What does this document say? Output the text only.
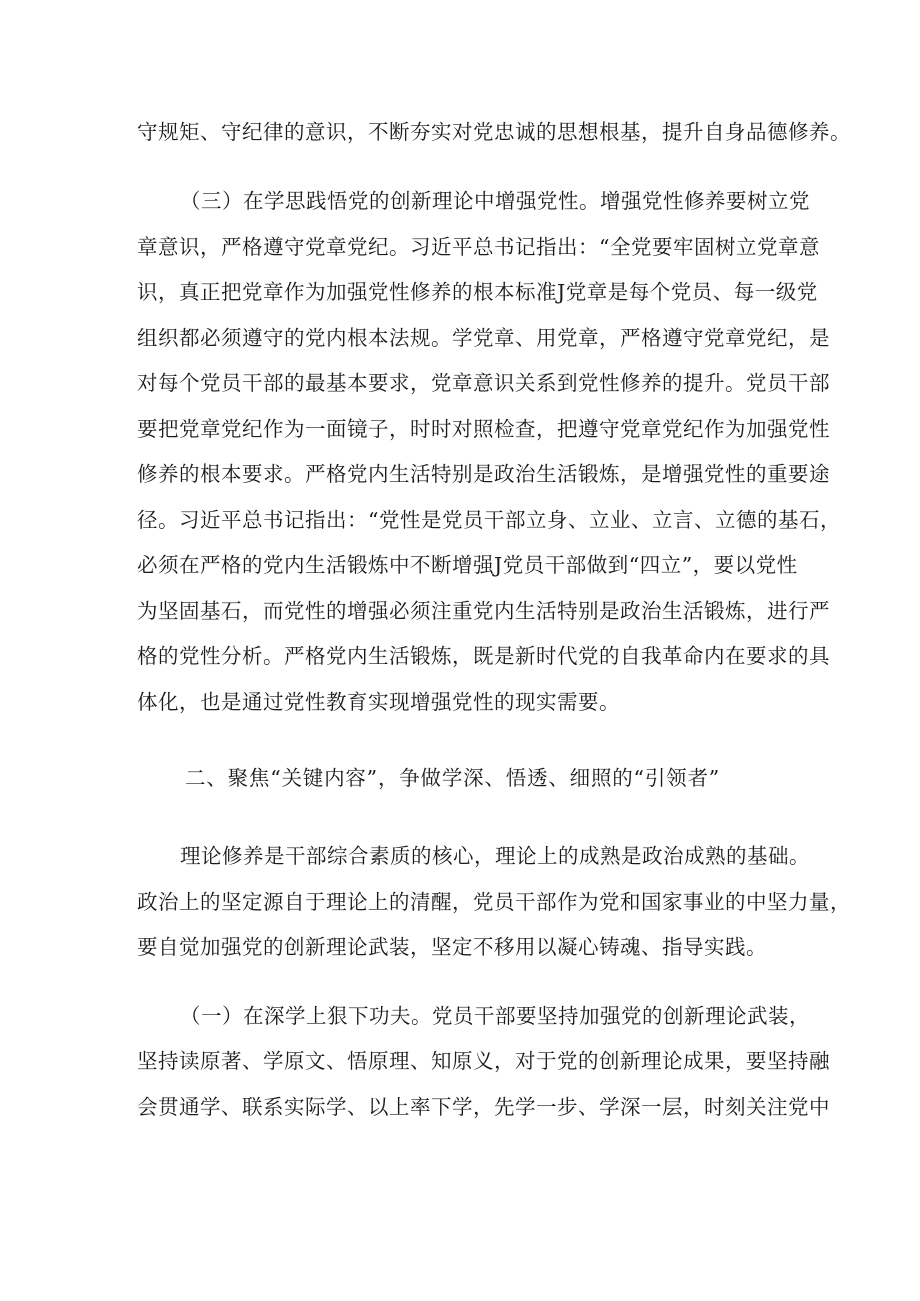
守规矩、守纪律的意识，不断夯实对党忠诚的思想根基，提升自身品德修养。
（三）在学思践悟党的创新理论中增强党性。增强党性修养要树立党
章意识，严格遵守党章党纪。习近平总书记指出：“全党要牢固树立党章意
识，真正把党章作为加强党性修养的根本标准J党章是每个党员、每一级党
组织都必须遵守的党内根本法规。学党章、用党章，严格遵守党章党纪，是
对每个党员干部的最基本要求，党章意识关系到党性修养的提升。党员干部
要把党章党纪作为一面镜子，时时对照检查，把遵守党章党纪作为加强党性
修养的根本要求。严格党内生活特别是政治生活锻炼，是增强党性的重要途
径。习近平总书记指出：“党性是党员干部立身、立业、立言、立德的基石，
必须在严格的党内生活锻炼中不断增强J党员干部做到“四立”，要以党性
为坚固基石，而党性的增强必须注重党内生活特别是政治生活锻炼，进行严
格的党性分析。严格党内生活锻炼，既是新时代党的自我革命内在要求的具
体化，也是通过党性教育实现增强党性的现实需要。
二、聚焦“关键内容”，争做学深、悟透、细照的“引领者”
理论修养是干部综合素质的核心，理论上的成熟是政治成熟的基础。
政治上的坚定源自于理论上的清醒，党员干部作为党和国家事业的中坚力量，
要自觉加强党的创新理论武装，坚定不移用以凝心铸魂、指导实践。
（一）在深学上狠下功夫。党员干部要坚持加强党的创新理论武装，
坚持读原著、学原文、悟原理、知原义，对于党的创新理论成果，要坚持融
会贯通学、联系实际学、以上率下学，先学一步、学深一层，时刻关注党中
